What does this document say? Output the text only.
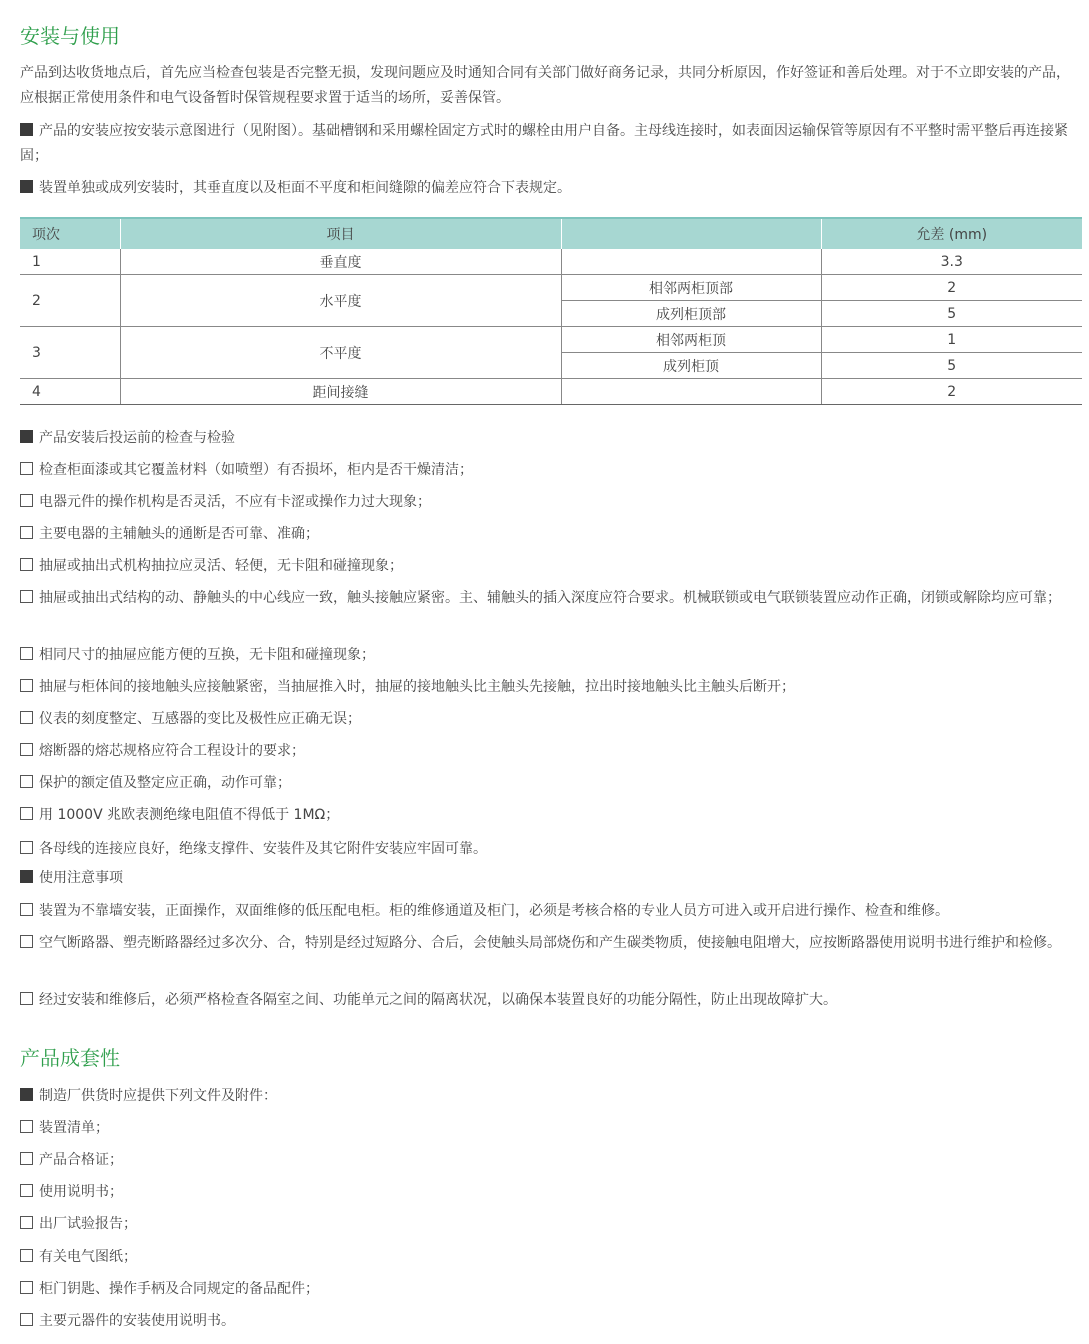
安装与使用
产品到达收货地点后，首先应当检查包装是否完整无损，发现问题应及时通知合同有关部门做好商务记录，共同分析原因，作好签证和善后处理。对于不立即安装的产品，应根据正常使用条件和电气设备暂时保管规程要求置于适当的场所，妥善保管。
产品的安装应按安装示意图进行（见附图）。基础槽钢和采用螺栓固定方式时的螺栓由用户自备。主母线连接时，如表面因运输保管等原因有不平整时需平整后再连接紧固；
装置单独或成列安装时，其垂直度以及柜面不平度和柜间缝隙的偏差应符合下表规定。
项次	项目		允差 (mm)
1	垂直度		3.3
2	水平度	相邻两柜顶部	2
		成列柜顶部	5
3	不平度	相邻两柜顶	1
		成列柜顶	5
4	距间接缝		2
产品安装后投运前的检查与检验
检查柜面漆或其它覆盖材料（如喷塑）有否损坏，柜内是否干燥清洁；
电器元件的操作机构是否灵活，不应有卡涩或操作力过大现象；
主要电器的主辅触头的通断是否可靠、准确；
抽屉或抽出式机构抽拉应灵活、轻便，无卡阻和碰撞现象；
抽屉或抽出式结构的动、静触头的中心线应一致，触头接触应紧密。主、辅触头的插入深度应符合要求。机械联锁或电气联锁装置应动作正确，闭锁或解除均应可靠；
相同尺寸的抽屉应能方便的互换，无卡阻和碰撞现象；
抽屉与柜体间的接地触头应接触紧密，当抽屉推入时，抽屉的接地触头比主触头先接触，拉出时接地触头比主触头后断开；
仪表的刻度整定、互感器的变比及极性应正确无误；
熔断器的熔芯规格应符合工程设计的要求；
保护的额定值及整定应正确，动作可靠；
用 1000V 兆欧表测绝缘电阻值不得低于 1MΩ；
各母线的连接应良好，绝缘支撑件、安装件及其它附件安装应牢固可靠。
使用注意事项
装置为不靠墙安装，正面操作，双面维修的低压配电柜。柜的维修通道及柜门，必须是考核合格的专业人员方可进入或开启进行操作、检查和维修。
空气断路器、塑壳断路器经过多次分、合，特别是经过短路分、合后，会使触头局部烧伤和产生碳类物质，使接触电阻增大，应按断路器使用说明书进行维护和检修。
经过安装和维修后，必须严格检查各隔室之间、功能单元之间的隔离状况，以确保本装置良好的功能分隔性，防止出现故障扩大。
产品成套性
制造厂供货时应提供下列文件及附件：
装置清单；
产品合格证；
使用说明书；
出厂试验报告；
有关电气图纸；
柜门钥匙、操作手柄及合同规定的备品配件；
主要元器件的安装使用说明书。
